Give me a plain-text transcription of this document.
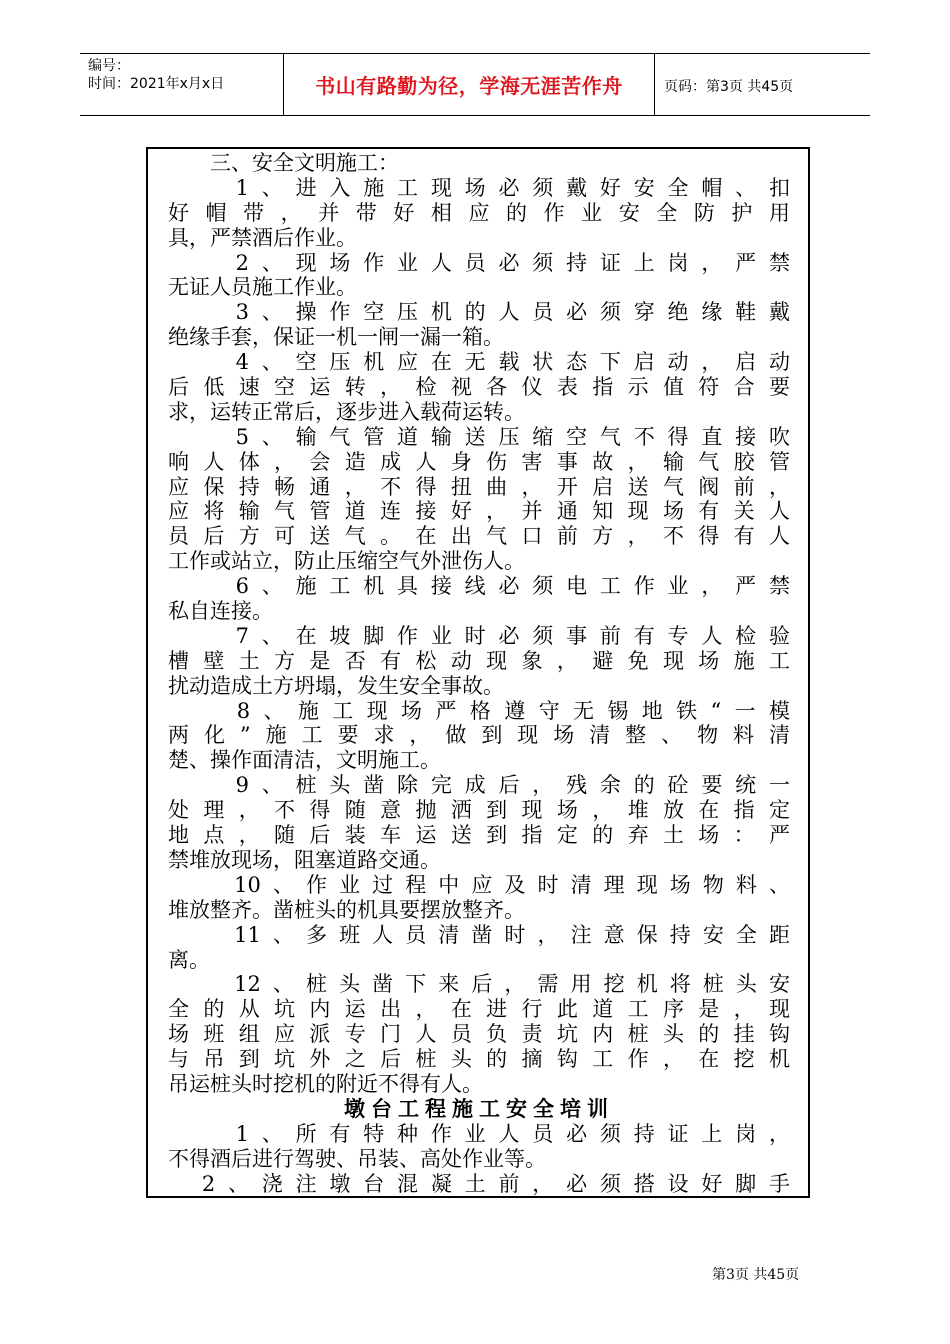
编号：
时间：2021年x月x日	书山有路勤为径，学海无涯苦作舟	页码：第3页 共45页
　　三、安全文明施工：
　　1、进入施工现场必须戴好安全帽、扣
好帽带，并带好相应的作业安全防护用
具，严禁酒后作业。
　　2、现场作业人员必须持证上岗，严禁
无证人员施工作业。
　　3、操作空压机的人员必须穿绝缘鞋戴
绝缘手套，保证一机一闸一漏一箱。
　　4、空压机应在无载状态下启动，启动
后低速空运转，检视各仪表指示值符合要
求，运转正常后，逐步进入载荷运转。
　　5、输气管道输送压缩空气不得直接吹
响人体，会造成人身伤害事故，输气胶管
应保持畅通，不得扭曲，开启送气阀前，
应将输气管道连接好，并通知现场有关人
员后方可送气。在出气口前方，不得有人
工作或站立，防止压缩空气外泄伤人。
　　6、施工机具接线必须电工作业，严禁
私自连接。
　　7、在坡脚作业时必须事前有专人检验
槽壁土方是否有松动现象，避免现场施工
扰动造成土方坍塌，发生安全事故。
　　8、施工现场严格遵守无锡地铁“一模
两化”施工要求，做到现场清整、物料清
楚、操作面清洁，文明施工。
　　9、桩头凿除完成后，残余的砼要统一
处理，不得随意抛洒到现场，堆放在指定
地点，随后装车运送到指定的弃土场：严
禁堆放现场，阻塞道路交通。
　　10、作业过程中应及时清理现场物料、
堆放整齐。凿桩头的机具要摆放整齐。
　　11、多班人员清凿时，注意保持安全距
离。
　　12、桩头凿下来后，需用挖机将桩头安
全的从坑内运出，在进行此道工序是，现
场班组应派专门人员负责坑内桩头的挂钩
与吊到坑外之后桩头的摘钩工作，在挖机
吊运桩头时挖机的附近不得有人。
墩台工程施工安全培训
　　1、所有特种作业人员必须持证上岗，
不得酒后进行驾驶、吊装、高处作业等。
　2、浇注墩台混凝土前，必须搭设好脚手
第3页 共45页
